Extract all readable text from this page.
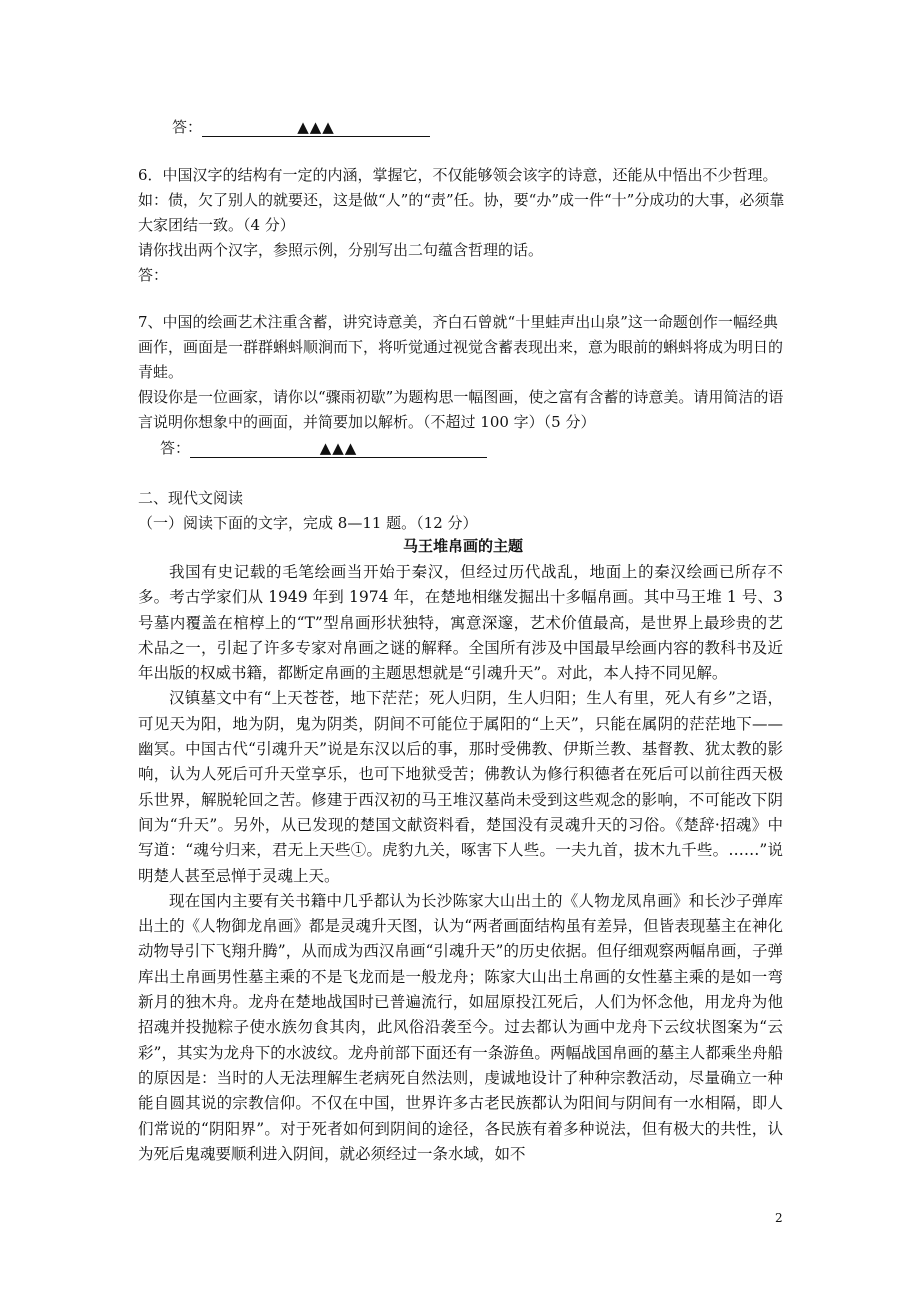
答：	▲▲▲

6．中国汉字的结构有一定的内涵，掌握它，不仅能够领会该字的诗意，还能从中悟出不少哲理。如：债，欠了别人的就要还，这是做“人”的“责”任。协，要“办”成一件“十”分成功的大事，必须靠大家团结一致。（4 分）

请你找出两个汉字，参照示例，分别写出二句蕴含哲理的话。

答：

7、中国的绘画艺术注重含蓄，讲究诗意美，齐白石曾就“十里蛙声出山泉”这一命题创作一幅经典画作，画面是一群群蝌蚪顺涧而下，将听觉通过视觉含蓄表现出来，意为眼前的蝌蚪将成为明日的青蛙。

假设你是一位画家，请你以“骤雨初歇”为题构思一幅图画，使之富有含蓄的诗意美。请用简洁的语言说明你想象中的画面，并简要加以解析。（不超过 100 字）（5 分）

答：	▲▲▲
二、现代文阅读
（一）阅读下面的文字，完成 8—11 题。（12 分）
马王堆帛画的主题

我国有史记载的毛笔绘画当开始于秦汉，但经过历代战乱，地面上的秦汉绘画已所存不多。考古学家们从 1949 年到 1974 年，在楚地相继发掘出十多幅帛画。其中马王堆 1 号、3 号墓内覆盖在棺椁上的“T”型帛画形状独特，寓意深邃，艺术价值最高，是世界上最珍贵的艺术品之一，引起了许多专家对帛画之谜的解释。全国所有涉及中国最早绘画内容的教科书及近年出版的权威书籍，都断定帛画的主题思想就是“引魂升天”。对此，本人持不同见解。

汉镇墓文中有“上天苍苍，地下茫茫；死人归阴，生人归阳；生人有里，死人有乡”之语，可见天为阳，地为阴，鬼为阴类，阴间不可能位于属阳的“上天”，只能在属阴的茫茫地下——幽冥。中国古代“引魂升天”说是东汉以后的事，那时受佛教、伊斯兰教、基督教、犹太教的影响，认为人死后可升天堂享乐，也可下地狱受苦；佛教认为修行积德者在死后可以前往西天极乐世界，解脱轮回之苦。修建于西汉初的马王堆汉墓尚未受到这些观念的影响，不可能改下阴间为“升天”。另外，从已发现的楚国文献资料看，楚国没有灵魂升天的习俗。《楚辞·招魂》中写道：“魂兮归来，君无上天些①。虎豹九关，啄害下人些。一夫九首，拔木九千些。……”说明楚人甚至忌惮于灵魂上天。

现在国内主要有关书籍中几乎都认为长沙陈家大山出土的《人物龙凤帛画》和长沙子弹库出土的《人物御龙帛画》都是灵魂升天图，认为“两者画面结构虽有差异，但皆表现墓主在神化动物导引下飞翔升腾”，从而成为西汉帛画“引魂升天”的历史依据。但仔细观察两幅帛画，子弹库出土帛画男性墓主乘的不是飞龙而是一般龙舟；陈家大山出土帛画的女性墓主乘的是如一弯新月的独木舟。龙舟在楚地战国时已普遍流行，如屈原投江死后，人们为怀念他，用龙舟为他招魂并投抛粽子使水族勿食其肉，此风俗沿袭至今。过去都认为画中龙舟下云纹状图案为“云彩”，其实为龙舟下的水波纹。龙舟前部下面还有一条游鱼。两幅战国帛画的墓主人都乘坐舟船的原因是：当时的人无法理解生老病死自然法则，虔诚地设计了种种宗教活动，尽量确立一种能自圆其说的宗教信仰。不仅在中国，世界许多古老民族都认为阳间与阴间有一水相隔，即人们常说的“阴阳界”。对于死者如何到阴间的途径，各民族有着多种说法，但有极大的共性，认为死后鬼魂要顺利进入阴间，就必须经过一条水域，如不

2
